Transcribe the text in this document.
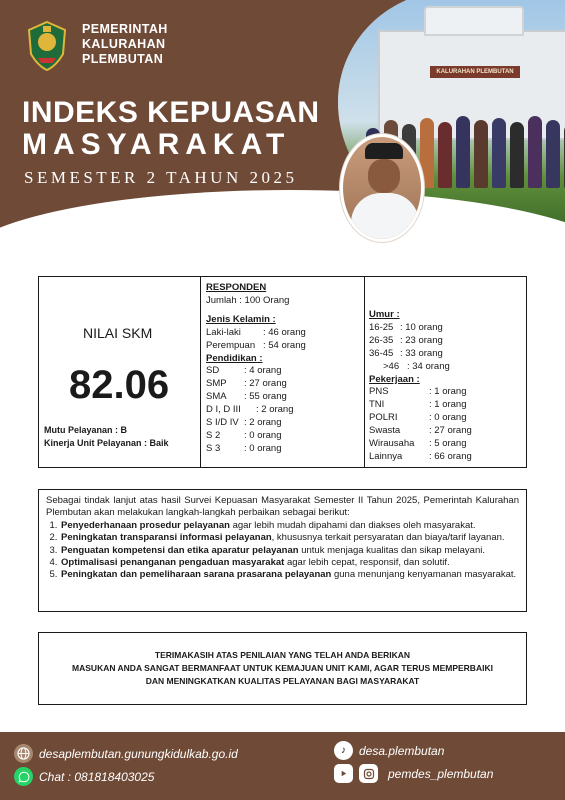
KALURAHAN PLEMBUTAN
PEMERINTAH
KALURAHAN
PLEMBUTAN
INDEKS KEPUASAN
MASYARAKAT
SEMESTER 2 TAHUN 2025
NILAI SKM
82.06
Mutu Pelayanan : B
Kinerja Unit Pelayanan : Baik
RESPONDEN
Jumlah : 100 Orang
Jenis Kelamin :
Laki-laki	: 46 orang
Perempuan : 54 orang
Pendidikan :
SD	: 4 orang
SMP	: 27 orang
SMA	: 55 orang
D I, D III	: 2 orang
S I/D IV : 2 orang
S 2	: 0 orang
S 3	: 0 orang
Umur :
16-25 : 10 orang
26-35 : 23 orang
36-45 : 33 orang
>46 : 34 orang
Pekerjaan :
PNS	: 1 orang
TNI	: 1 orang
POLRI	: 0 orang
Swasta	: 27 orang
Wirausaha	: 5 orang
Lainnya	: 66 orang
Sebagai tindak lanjut atas hasil Survei Kepuasan Masyarakat Semester II Tahun 2025, Pemerintah Kalurahan Plembutan akan melakukan langkah-langkah perbaikan sebagai berikut:
1. Penyederhanaan prosedur pelayanan agar lebih mudah dipahami dan diakses oleh masyarakat.
2. Peningkatan transparansi informasi pelayanan, khususnya terkait persyaratan dan biaya/tarif layanan.
3. Penguatan kompetensi dan etika aparatur pelayanan untuk menjaga kualitas dan sikap melayani.
4. Optimalisasi penanganan pengaduan masyarakat agar lebih cepat, responsif, dan solutif.
5. Peningkatan dan pemeliharaan sarana prasarana pelayanan guna menunjang kenyamanan masyarakat.
TERIMAKASIH ATAS PENILAIAN YANG TELAH ANDA BERIKAN
MASUKAN ANDA SANGAT BERMANFAAT UNTUK KEMAJUAN UNIT KAMI, AGAR TERUS MEMPERBAIKI
DAN MENINGKATKAN KUALITAS PELAYANAN BAGI MASYARAKAT
desaplembutan.gunungkidulkab.go.id
Chat : 081818403025
♪	desa.plembutan
pemdes_plembutan
